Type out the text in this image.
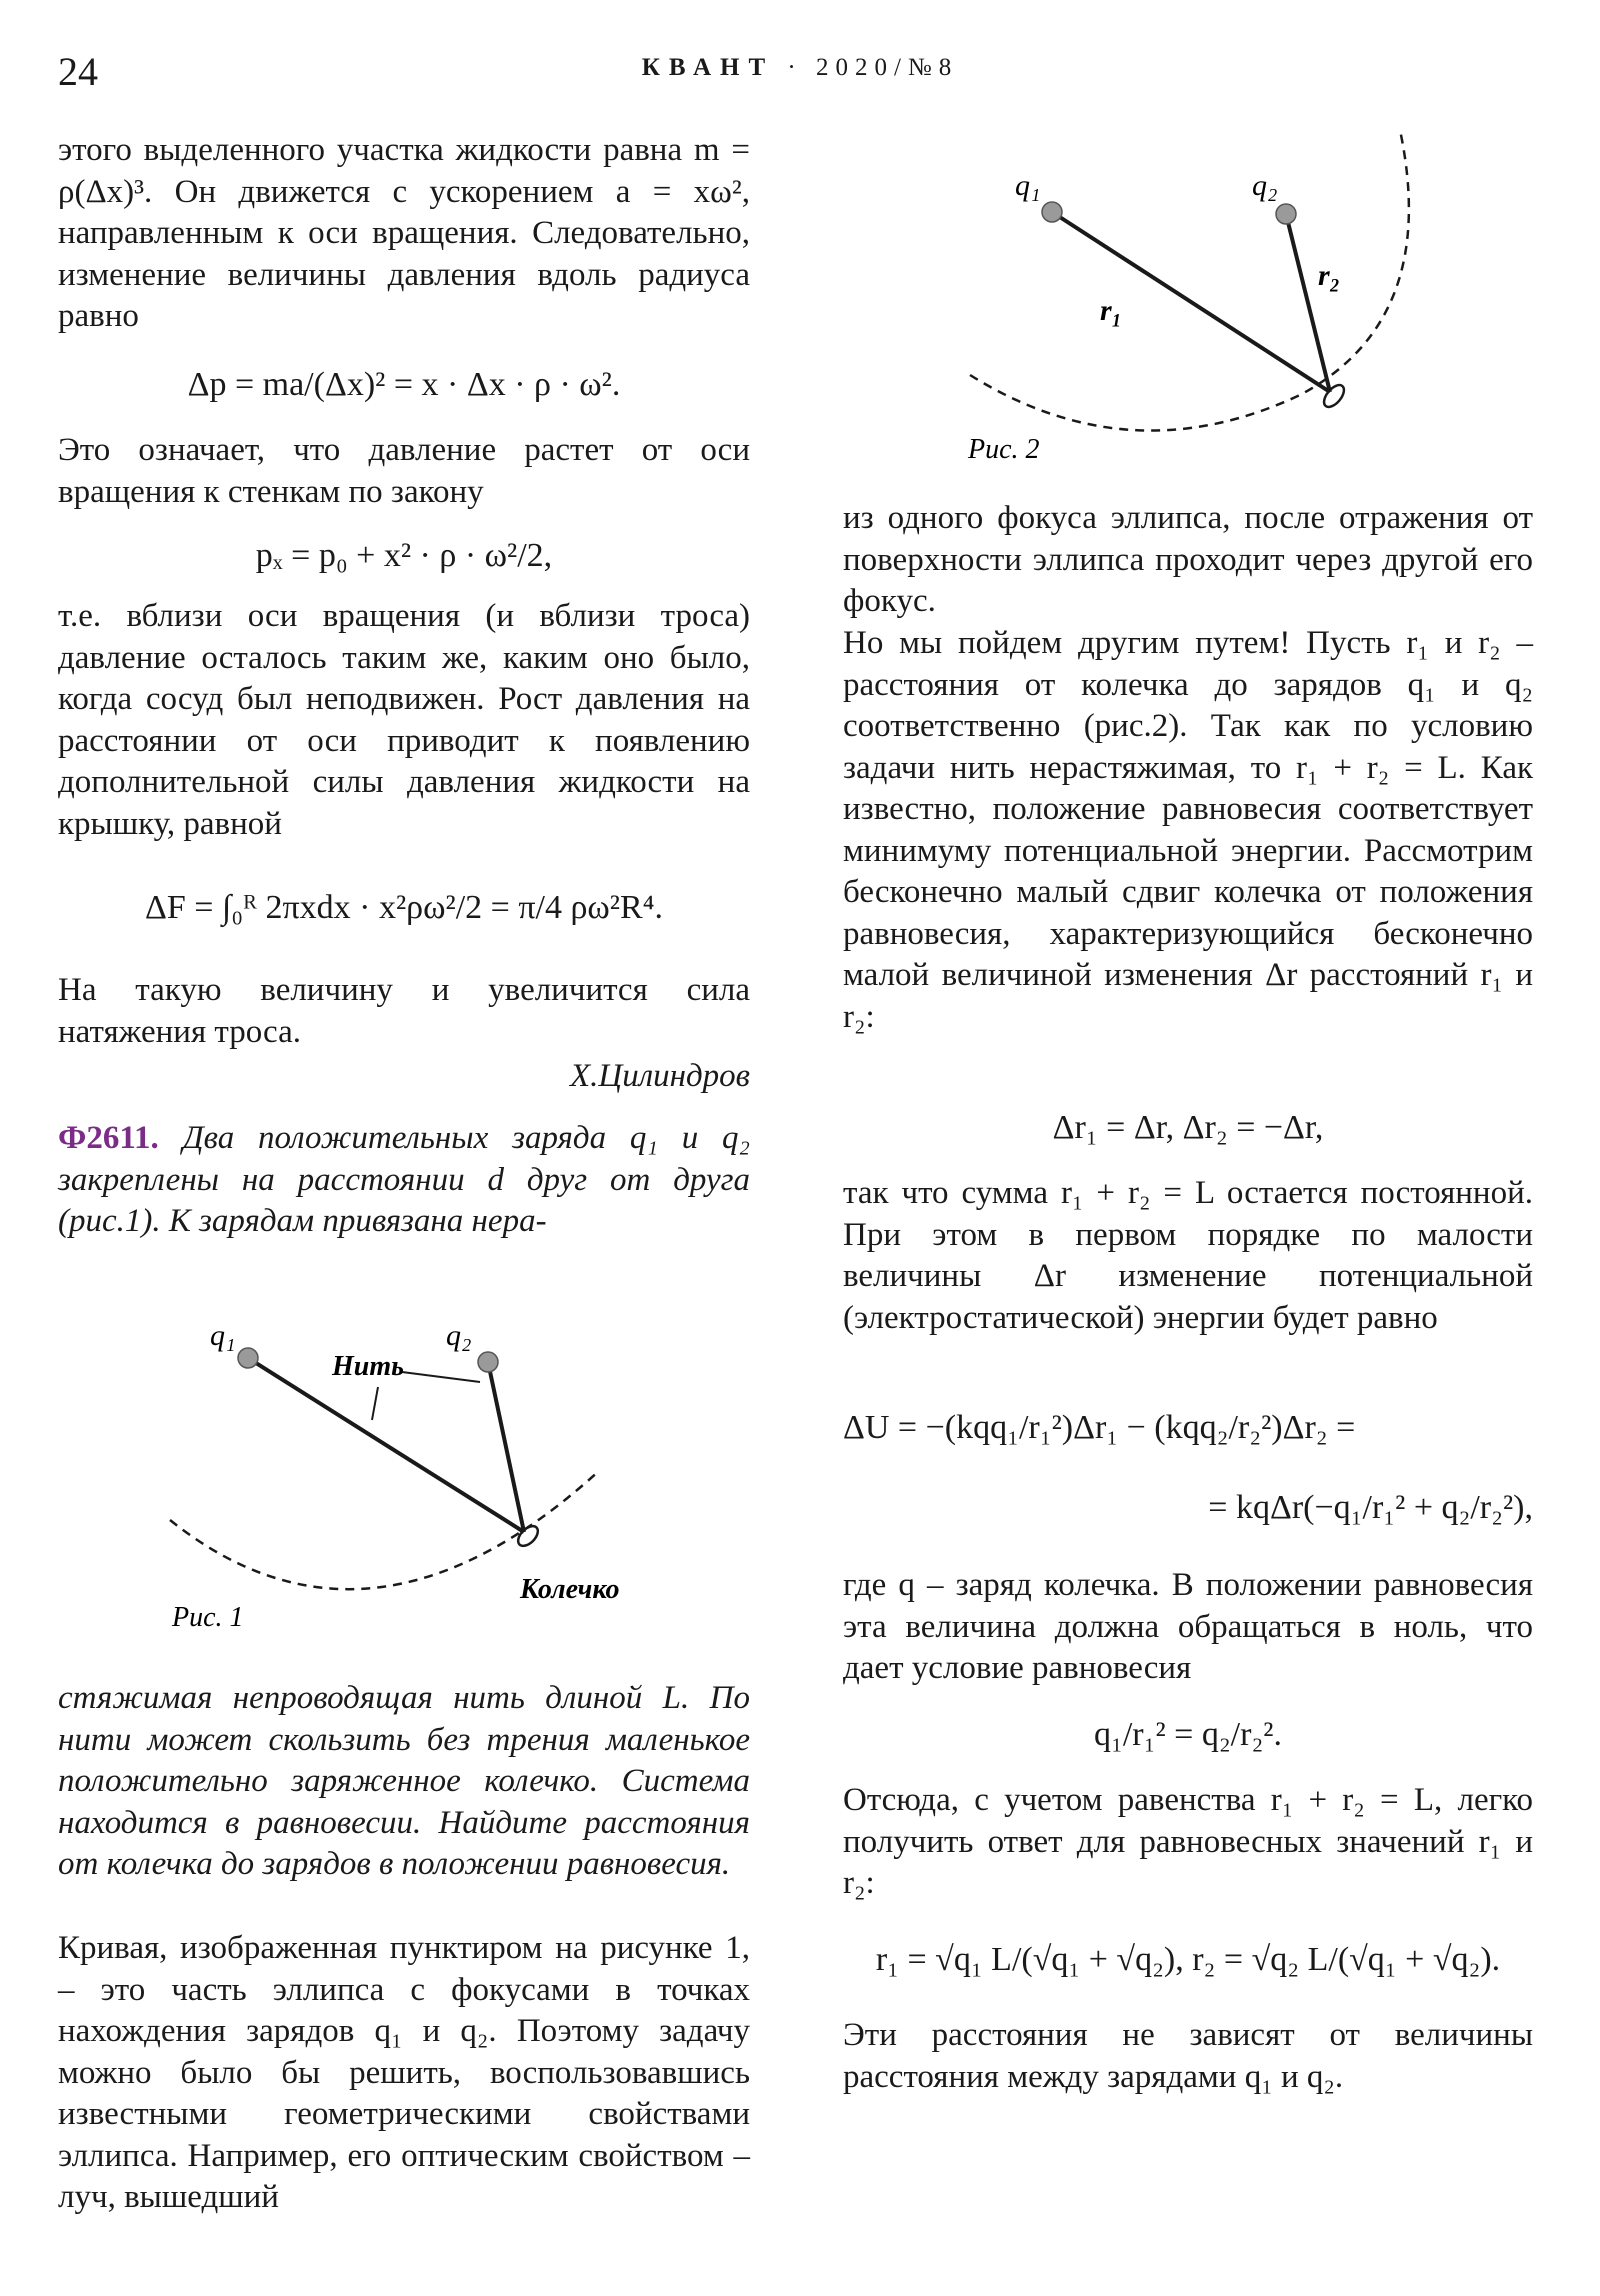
24	КВАНТ · 2020/№8

этого выделенного участка жидкости равна m = ρ(Δx)³. Он движется с ускорением a = xω², направленным к оси вращения. Следовательно, изменение величины давления вдоль радиуса равно

Δp = ma/(Δx)² = x · Δx · ρ · ω².

Это означает, что давление растет от оси вращения к стенкам по закону

pₓ = p₀ + x² · ρ · ω²/2,

т.е. вблизи оси вращения (и вблизи троса) давление осталось таким же, каким оно было, когда сосуд был неподвижен. Рост давления на расстоянии от оси приводит к появлению дополнительной силы давления жидкости на крышку, равной

ΔF = ∫₀ᴿ 2πxdx · x²ρω²/2 = π/4 ρω²R⁴.

На такую величину и увеличится сила натяжения троса.

Х.Цилиндров

Ф2611. Два положительных заряда q₁ и q₂ закреплены на расстоянии d друг от друга (рис.1). К зарядам привязана нера-

q₁	q₂
Нить
Колечко
Рис. 1

стяжимая непроводящая нить длиной L. По нити может скользить без трения маленькое положительно заряженное колечко. Система находится в равновесии. Найдите расстояния от колечка до зарядов в положении равновесия.

Кривая, изображенная пунктиром на рисунке 1, – это часть эллипса с фокусами в точках нахождения зарядов q₁ и q₂. Поэтому задачу можно было бы решить, воспользовавшись известными геометрическими свойствами эллипса. Например, его оптическим свойством – луч, вышедший

q₁	q₂
r₁
r₂
Рис. 2

из одного фокуса эллипса, после отражения от поверхности эллипса проходит через другой его фокус.

Но мы пойдем другим путем! Пусть r₁ и r₂ – расстояния от колечка до зарядов q₁ и q₂ соответственно (рис.2). Так как по условию задачи нить нерастяжимая, то r₁ + r₂ = L. Как известно, положение равновесия соответствует минимуму потенциальной энергии. Рассмотрим бесконечно малый сдвиг колечка от положения равновесия, характеризующийся бесконечно малой величиной изменения Δr расстояний r₁ и r₂:

Δr₁ = Δr, Δr₂ = −Δr,

так что сумма r₁ + r₂ = L остается постоянной. При этом в первом порядке по малости величины Δr изменение потенциальной (электростатической) энергии будет равно

ΔU = −(kqq₁/r₁²)Δr₁ − (kqq₂/r₂²)Δr₂ =
= kqΔr(−q₁/r₁² + q₂/r₂²),

где q – заряд колечка. В положении равновесия эта величина должна обращаться в ноль, что дает условие равновесия

q₁/r₁² = q₂/r₂².

Отсюда, с учетом равенства r₁ + r₂ = L, легко получить ответ для равновесных значений r₁ и r₂:

r₁ = √q₁ L/(√q₁ + √q₂), r₂ = √q₂ L/(√q₁ + √q₂).

Эти расстояния не зависят от величины расстояния между зарядами q₁ и q₂.
